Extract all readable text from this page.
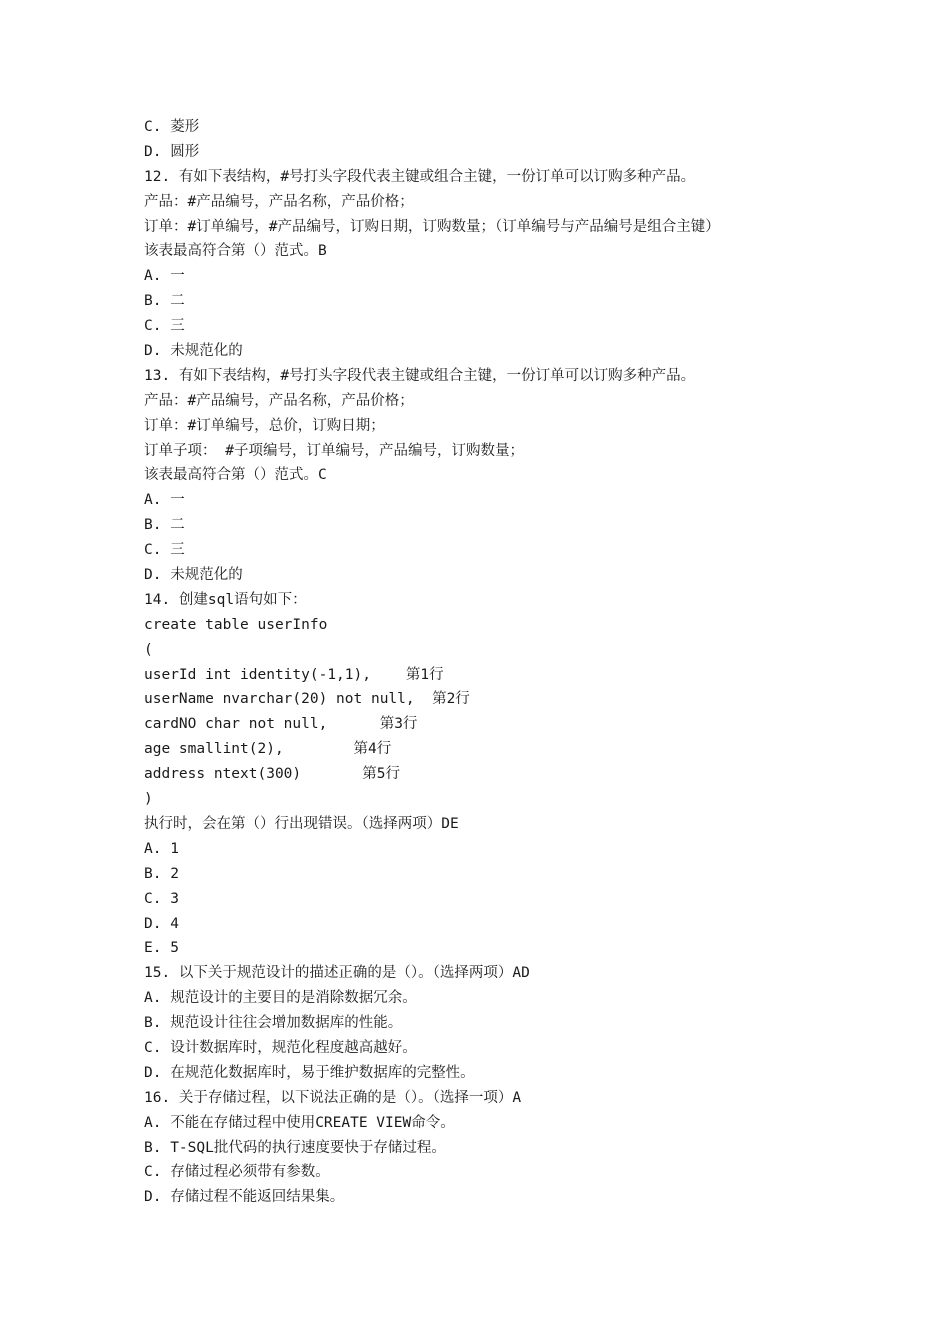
C. 菱形
D. 圆形
12. 有如下表结构，#号打头字段代表主键或组合主键，一份订单可以订购多种产品。
产品：#产品编号，产品名称，产品价格；
订单：#订单编号，#产品编号，订购日期，订购数量；（订单编号与产品编号是组合主键）
该表最高符合第（）范式。B
A. 一
B. 二
C. 三
D. 未规范化的
13. 有如下表结构，#号打头字段代表主键或组合主键，一份订单可以订购多种产品。
产品：#产品编号，产品名称，产品价格；
订单：#订单编号，总价，订购日期；
订单子项： #子项编号，订单编号，产品编号，订购数量；
该表最高符合第（）范式。C
A. 一
B. 二
C. 三
D. 未规范化的
14. 创建sql语句如下：
create table userInfo
(
userId int identity(-1,1),    第1行
userName nvarchar(20) not null,  第2行
cardNO char not null,      第3行
age smallint(2),        第4行
address ntext(300)       第5行
)
执行时，会在第（）行出现错误。（选择两项）DE
A. 1
B. 2
C. 3
D. 4
E. 5
15. 以下关于规范设计的描述正确的是（）。（选择两项）AD
A. 规范设计的主要目的是消除数据冗余。
B. 规范设计往往会增加数据库的性能。
C. 设计数据库时，规范化程度越高越好。
D. 在规范化数据库时，易于维护数据库的完整性。
16. 关于存储过程，以下说法正确的是（）。（选择一项）A
A. 不能在存储过程中使用CREATE VIEW命令。
B. T-SQL批代码的执行速度要快于存储过程。
C. 存储过程必须带有参数。
D. 存储过程不能返回结果集。
